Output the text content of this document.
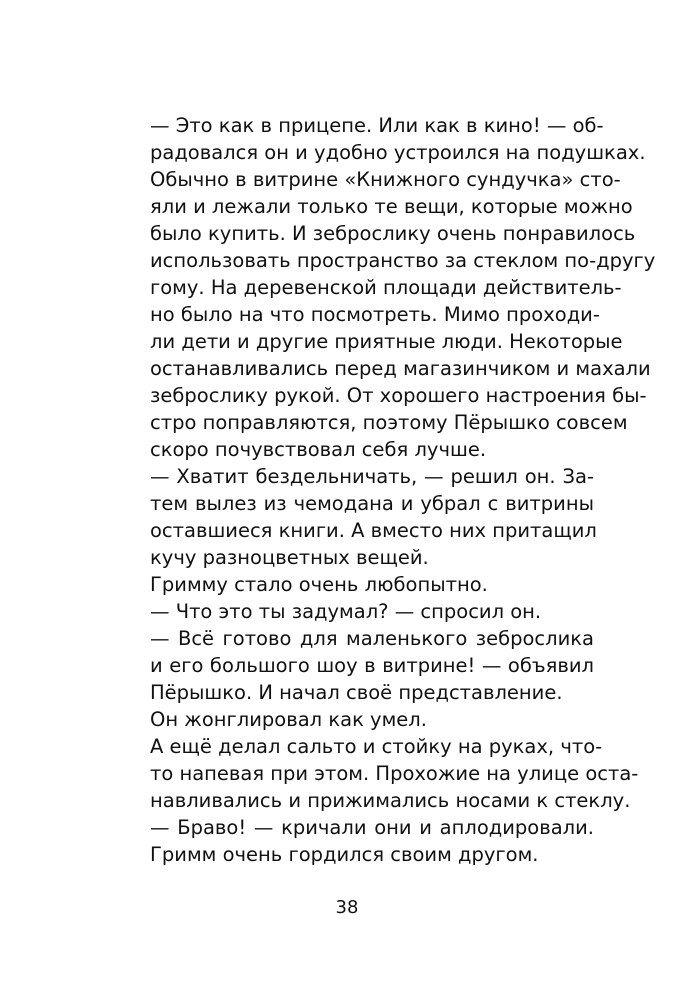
— Это как в прицепе. Или как в кино! — об-
радовался он и удобно устроился на подушках.
Обычно в витрине «Книжного сундучка» сто-
яли и лежали только те вещи, которые можно
было купить. И зеброслику очень понравилось
использовать пространство за стеклом по-другу
гому. На деревенской площади действитель-
но было на что посмотреть. Мимо проходи-
ли дети и другие приятные люди. Некоторые
останавливались перед магазинчиком и махали
зеброслику рукой. От хорошего настроения бы-
стро поправляются, поэтому Пёрышко совсем
скоро почувствовал себя лучше.
— Хватит бездельничать, — решил он. За-
тем вылез из чемодана и убрал с витрины
оставшиеся книги. А вместо них притащил
кучу разноцветных вещей.
Гримму стало очень любопытно.
— Что это ты задумал? — спросил он.
— Всё готово для маленького зеброслика
и его большого шоу в витрине! — объявил
Пёрышко. И начал своё представление.
Он жонглировал как умел.
А ещё делал сальто и стойку на руках, что-
то напевая при этом. Прохожие на улице оста-
навливались и прижимались носами к стеклу.
— Браво! — кричали они и аплодировали.
Гримм очень гордился своим другом.
38
